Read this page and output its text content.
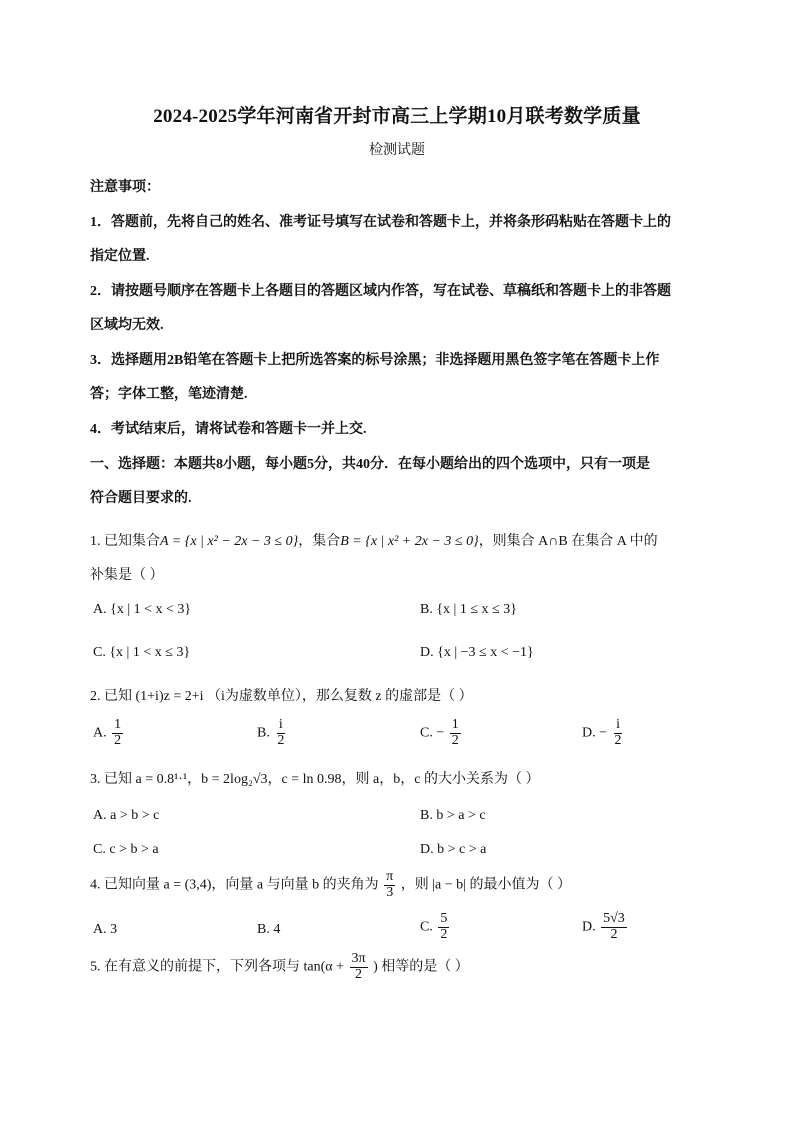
2024-2025学年河南省开封市高三上学期10月联考数学质量
检测试题
注意事项：
1．答题前，先将自己的姓名、准考证号填写在试卷和答题卡上，并将条形码粘贴在答题卡上的
指定位置.
2．请按题号顺序在答题卡上各题目的答题区域内作答，写在试卷、草稿纸和答题卡上的非答题
区域均无效.
3．选择题用2B铅笔在答题卡上把所选答案的标号涂黑；非选择题用黑色签字笔在答题卡上作
答；字体工整，笔迹清楚.
4．考试结束后，请将试卷和答题卡一并上交.
一、选择题：本题共8小题，每小题5分，共40分．在每小题给出的四个选项中，只有一项是
符合题目要求的.
1. 已知集合A = {x | x² − 2x − 3 ≤ 0}，集合B = {x | x² + 2x − 3 ≤ 0}，则集合 A∩B 在集合 A 中的
补集是（ ）
A. {x | 1 < x < 3}	B. {x | 1 ≤ x ≤ 3}
C. {x | 1 < x ≤ 3}	D. {x | −3 ≤ x < −1}
2. 已知 (1+i)z = 2+i （i为虚数单位），那么复数 z 的虚部是（ ）
A. $\frac{1}{2}$	B. $\frac{i}{2}$	C. − $\frac{1}{2}$	D. − $\frac{i}{2}$
3. 已知 a = 0.8¹·¹，b = 2log₂√3，c = ln 0.98，则 a，b，c 的大小关系为（ ）
A. a > b > c	B. b > a > c
C. c > b > a	D. b > c > a
4. 已知向量 a = (3,4)，向量 a 与向量 b 的夹角为 $\frac{\pi}{3}$ ，则 |a − b| 的最小值为（ ）
A. 3	B. 4	C. $\frac{5}{2}$	D. $\frac{5√3}{2}$
5. 在有意义的前提下，下列各项与 $\tan(\alpha + \frac{3\pi}{2}$ ) 相等的是（ ）
